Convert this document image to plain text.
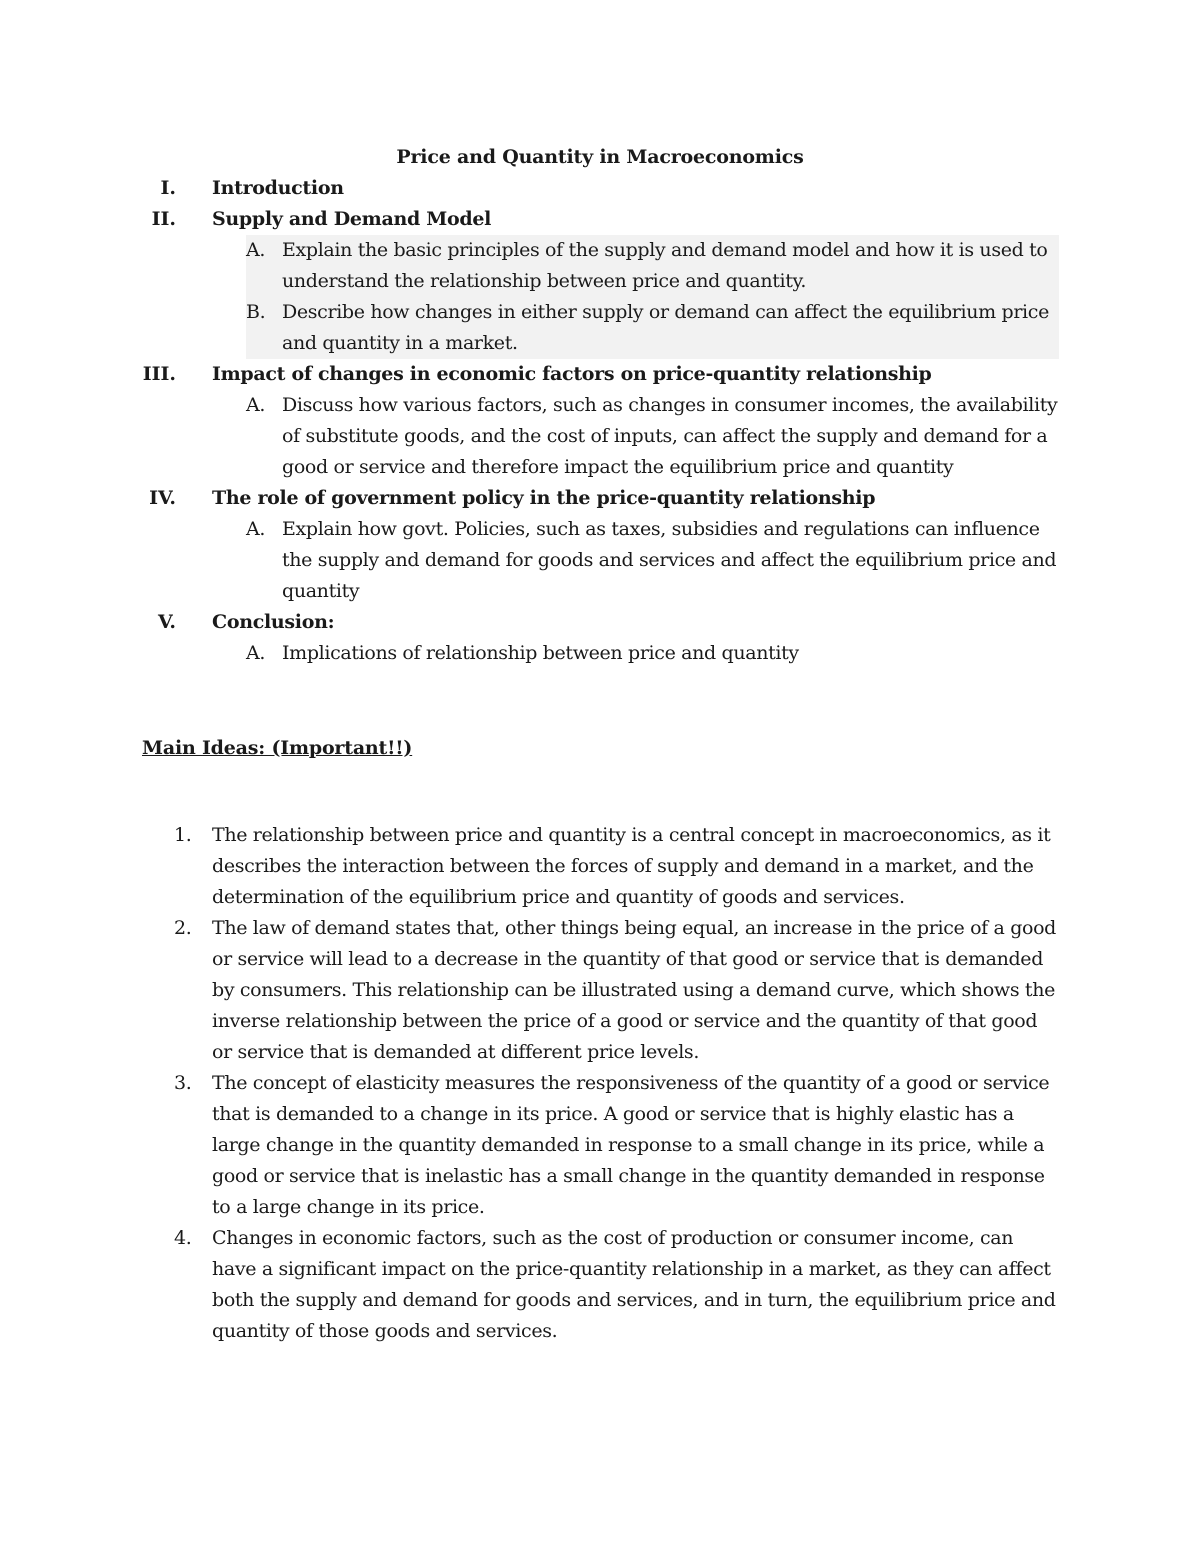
Price and Quantity in Macroeconomics
I. Introduction
II. Supply and Demand Model
A. Explain the basic principles of the supply and demand model and how it is used to understand the relationship between price and quantity.
B. Describe how changes in either supply or demand can affect the equilibrium price and quantity in a market.
III. Impact of changes in economic factors on price-quantity relationship
A. Discuss how various factors, such as changes in consumer incomes, the availability of substitute goods, and the cost of inputs, can affect the supply and demand for a good or service and therefore impact the equilibrium price and quantity
IV. The role of government policy in the price-quantity relationship
A. Explain how govt. Policies, such as taxes, subsidies and regulations can influence the supply and demand for goods and services and affect the equilibrium price and quantity
V. Conclusion:
A. Implications of relationship between price and quantity
Main Ideas: (Important!!)
1.	The relationship between price and quantity is a central concept in macroeconomics, as it describes the interaction between the forces of supply and demand in a market, and the determination of the equilibrium price and quantity of goods and services.
2.	The law of demand states that, other things being equal, an increase in the price of a good or service will lead to a decrease in the quantity of that good or service that is demanded by consumers. This relationship can be illustrated using a demand curve, which shows the inverse relationship between the price of a good or service and the quantity of that good or service that is demanded at different price levels.
3.	The concept of elasticity measures the responsiveness of the quantity of a good or service that is demanded to a change in its price. A good or service that is highly elastic has a large change in the quantity demanded in response to a small change in its price, while a good or service that is inelastic has a small change in the quantity demanded in response to a large change in its price.
4.	Changes in economic factors, such as the cost of production or consumer income, can have a significant impact on the price-quantity relationship in a market, as they can affect both the supply and demand for goods and services, and in turn, the equilibrium price and quantity of those goods and services.
